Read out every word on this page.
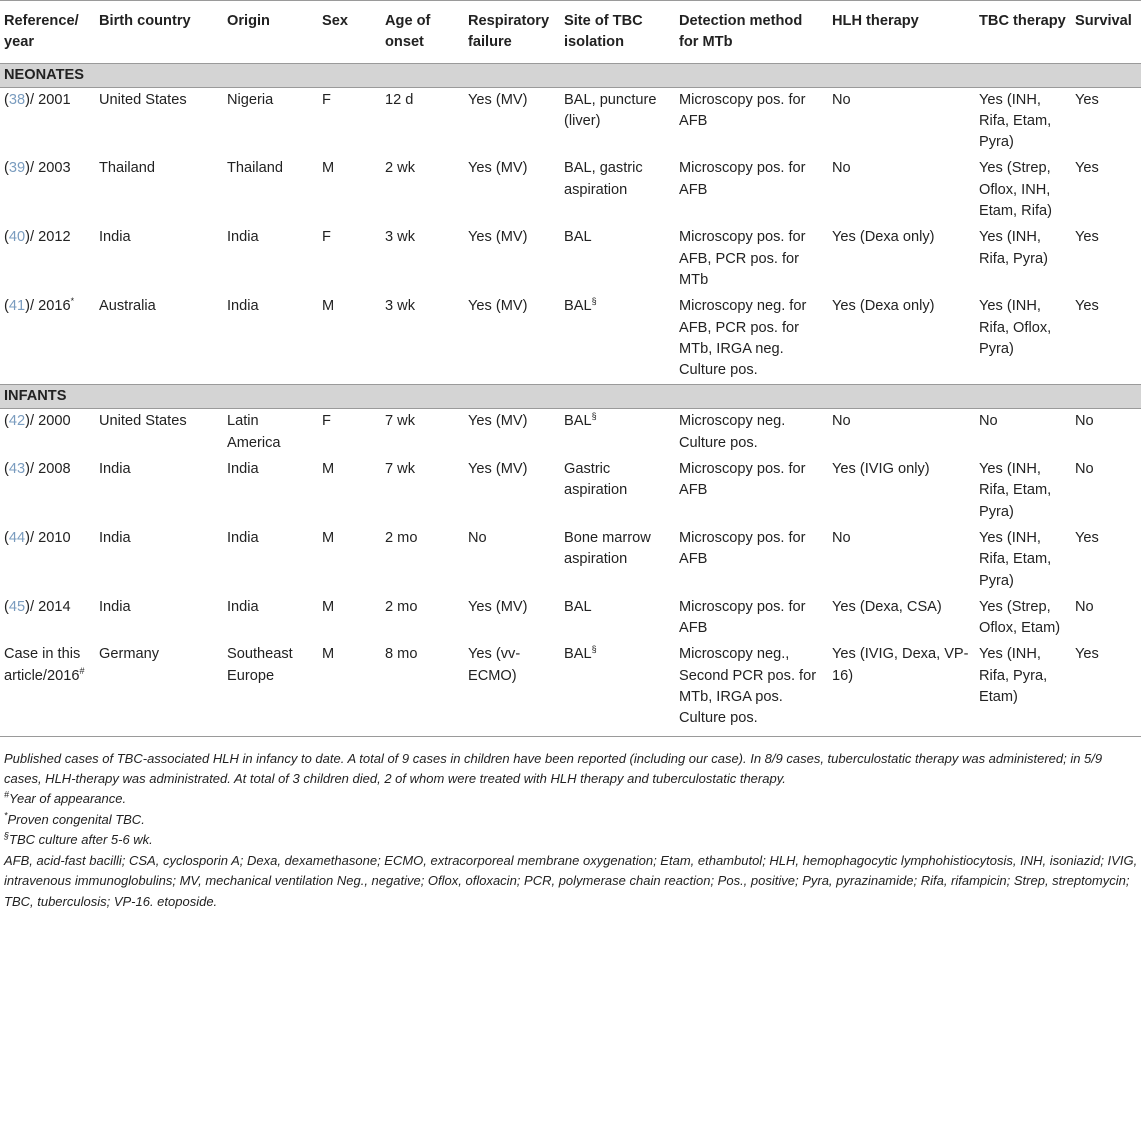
Reference/ year	Birth country	Origin	Sex	Age of onset	Respiratory failure	Site of TBC isolation	Detection method for MTb	HLH therapy	TBC therapy	Survival
NEONATES										
(38)/ 2001	United States	Nigeria	F	12 d	Yes (MV)	BAL, puncture (liver)	Microscopy pos. for AFB	No	Yes (INH, Rifa, Etam, Pyra)	Yes
(39)/ 2003	Thailand	Thailand	M	2 wk	Yes (MV)	BAL, gastric aspiration	Microscopy pos. for AFB	No	Yes (Strep, Oflox, INH, Etam, Rifa)	Yes
(40)/ 2012	India	India	F	3 wk	Yes (MV)	BAL	Microscopy pos. for AFB, PCR pos. for MTb	Yes (Dexa only)	Yes (INH, Rifa, Pyra)	Yes
(41)/ 2016*	Australia	India	M	3 wk	Yes (MV)	BAL§	Microscopy neg. for AFB, PCR pos. for MTb, IRGA neg. Culture pos.	Yes (Dexa only)	Yes (INH, Rifa, Oflox, Pyra)	Yes
INFANTS										
(42)/ 2000	United States	Latin America	F	7 wk	Yes (MV)	BAL§	Microscopy neg. Culture pos.	No	No	No
(43)/ 2008	India	India	M	7 wk	Yes (MV)	Gastric aspiration	Microscopy pos. for AFB	Yes (IVIG only)	Yes (INH, Rifa, Etam, Pyra)	No
(44)/ 2010	India	India	M	2 mo	No	Bone marrow aspiration	Microscopy pos. for AFB	No	Yes (INH, Rifa, Etam, Pyra)	Yes
(45)/ 2014	India	India	M	2 mo	Yes (MV)	BAL	Microscopy pos. for AFB	Yes (Dexa, CSA)	Yes (Strep, Oflox, Etam)	No
Case in this article/2016#	Germany	Southeast Europe	M	8 mo	Yes (vv-ECMO)	BAL§	Microscopy neg., Second PCR pos. for MTb, IRGA pos. Culture pos.	Yes (IVIG, Dexa, VP-16)	Yes (INH, Rifa, Pyra, Etam)	Yes

Published cases of TBC-associated HLH in infancy to date. A total of 9 cases in children have been reported (including our case). In 8/9 cases, tuberculostatic therapy was administered; in 5/9 cases, HLH-therapy was administrated. At total of 3 children died, 2 of whom were treated with HLH therapy and tuberculostatic therapy.

#Year of appearance.

*Proven congenital TBC.

§TBC culture after 5-6 wk.

AFB, acid-fast bacilli; CSA, cyclosporin A; Dexa, dexamethasone; ECMO, extracorporeal membrane oxygenation; Etam, ethambutol; HLH, hemophagocytic lymphohistiocytosis, INH, isoniazid; IVIG, intravenous immunoglobulins; MV, mechanical ventilation Neg., negative; Oflox, ofloxacin; PCR, polymerase chain reaction; Pos., positive; Pyra, pyrazinamide; Rifa, rifampicin; Strep, streptomycin; TBC, tuberculosis; VP-16. etoposide.
